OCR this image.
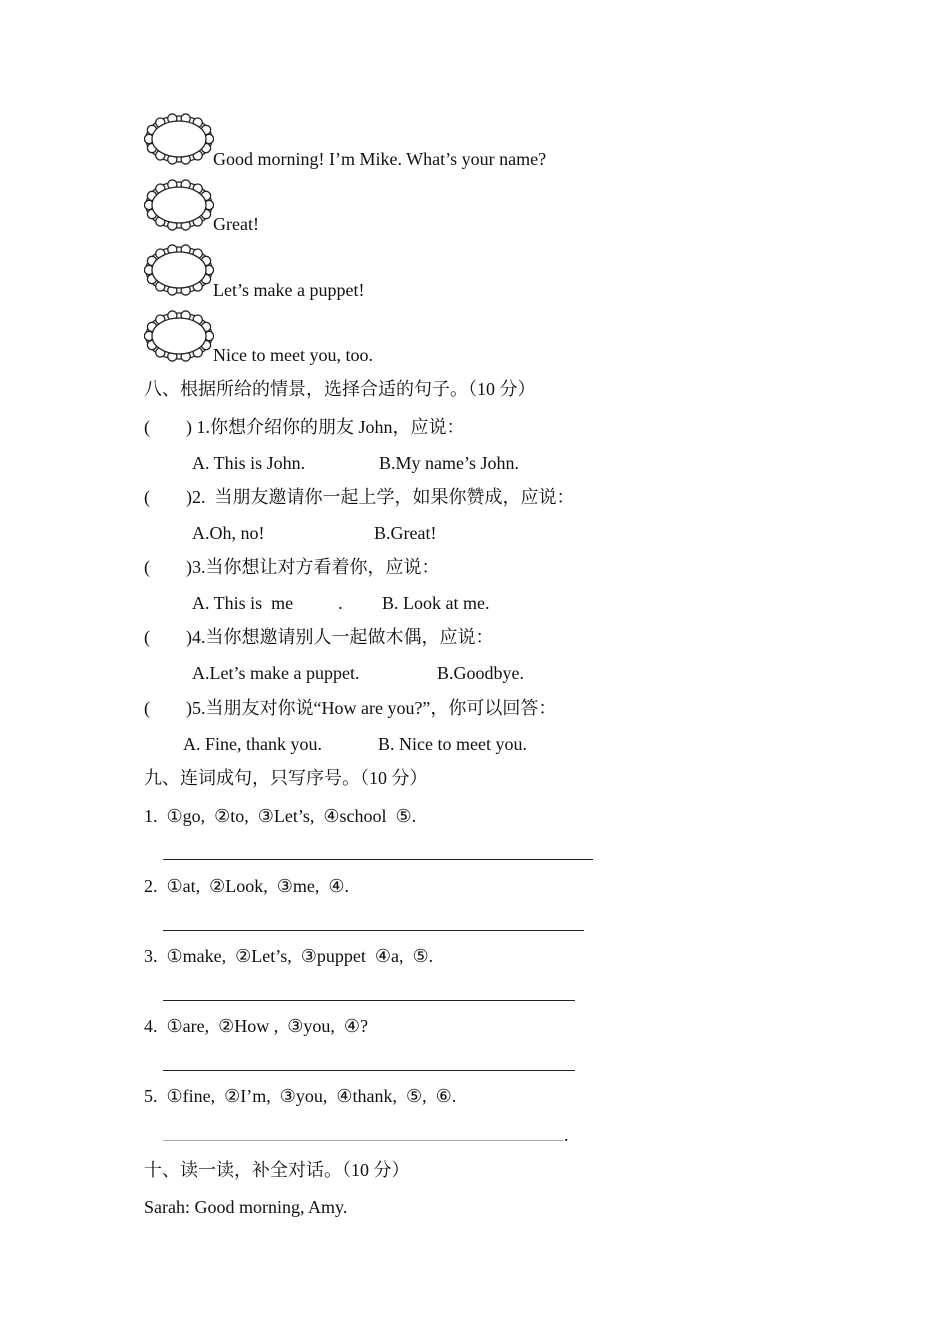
Good morning! I’m Mike. What’s your name?
Great!
Let’s make a puppet!
Nice to meet you, too.
八、根据所给的情景，选择合适的句子。（10 分）
(        ) 1.你想介绍你的朋友 John，应说：
A. This is John.	B.My name’s John.
(        )2.  当朋友邀请你一起上学，如果你赞成，应说：
A.Oh, no!	B.Great!
(        )3.当你想让对方看着你，应说：
A. This is  me          . B. Look at me.
(        )4.当你想邀请别人一起做木偶，应说：
A.Let’s make a puppet.	B.Goodbye.
(        )5.当朋友对你说“How are you?”，你可以回答：
A. Fine, thank you.	B. Nice to meet you.
九、连词成句，只写序号。（10 分）
1.  ①go,  ②to,  ③Let’s,  ④school  ⑤.
2.  ①at,  ②Look,  ③me,  ④.
3.  ①make,  ②Let’s,  ③puppet  ④a,  ⑤.
4.  ①are,  ②How ,  ③you,  ④?
5.  ①fine,  ②I’m,  ③you,  ④thank,  ⑤,  ⑥.
.
十、读一读，补全对话。（10 分）
Sarah: Good morning, Amy.
